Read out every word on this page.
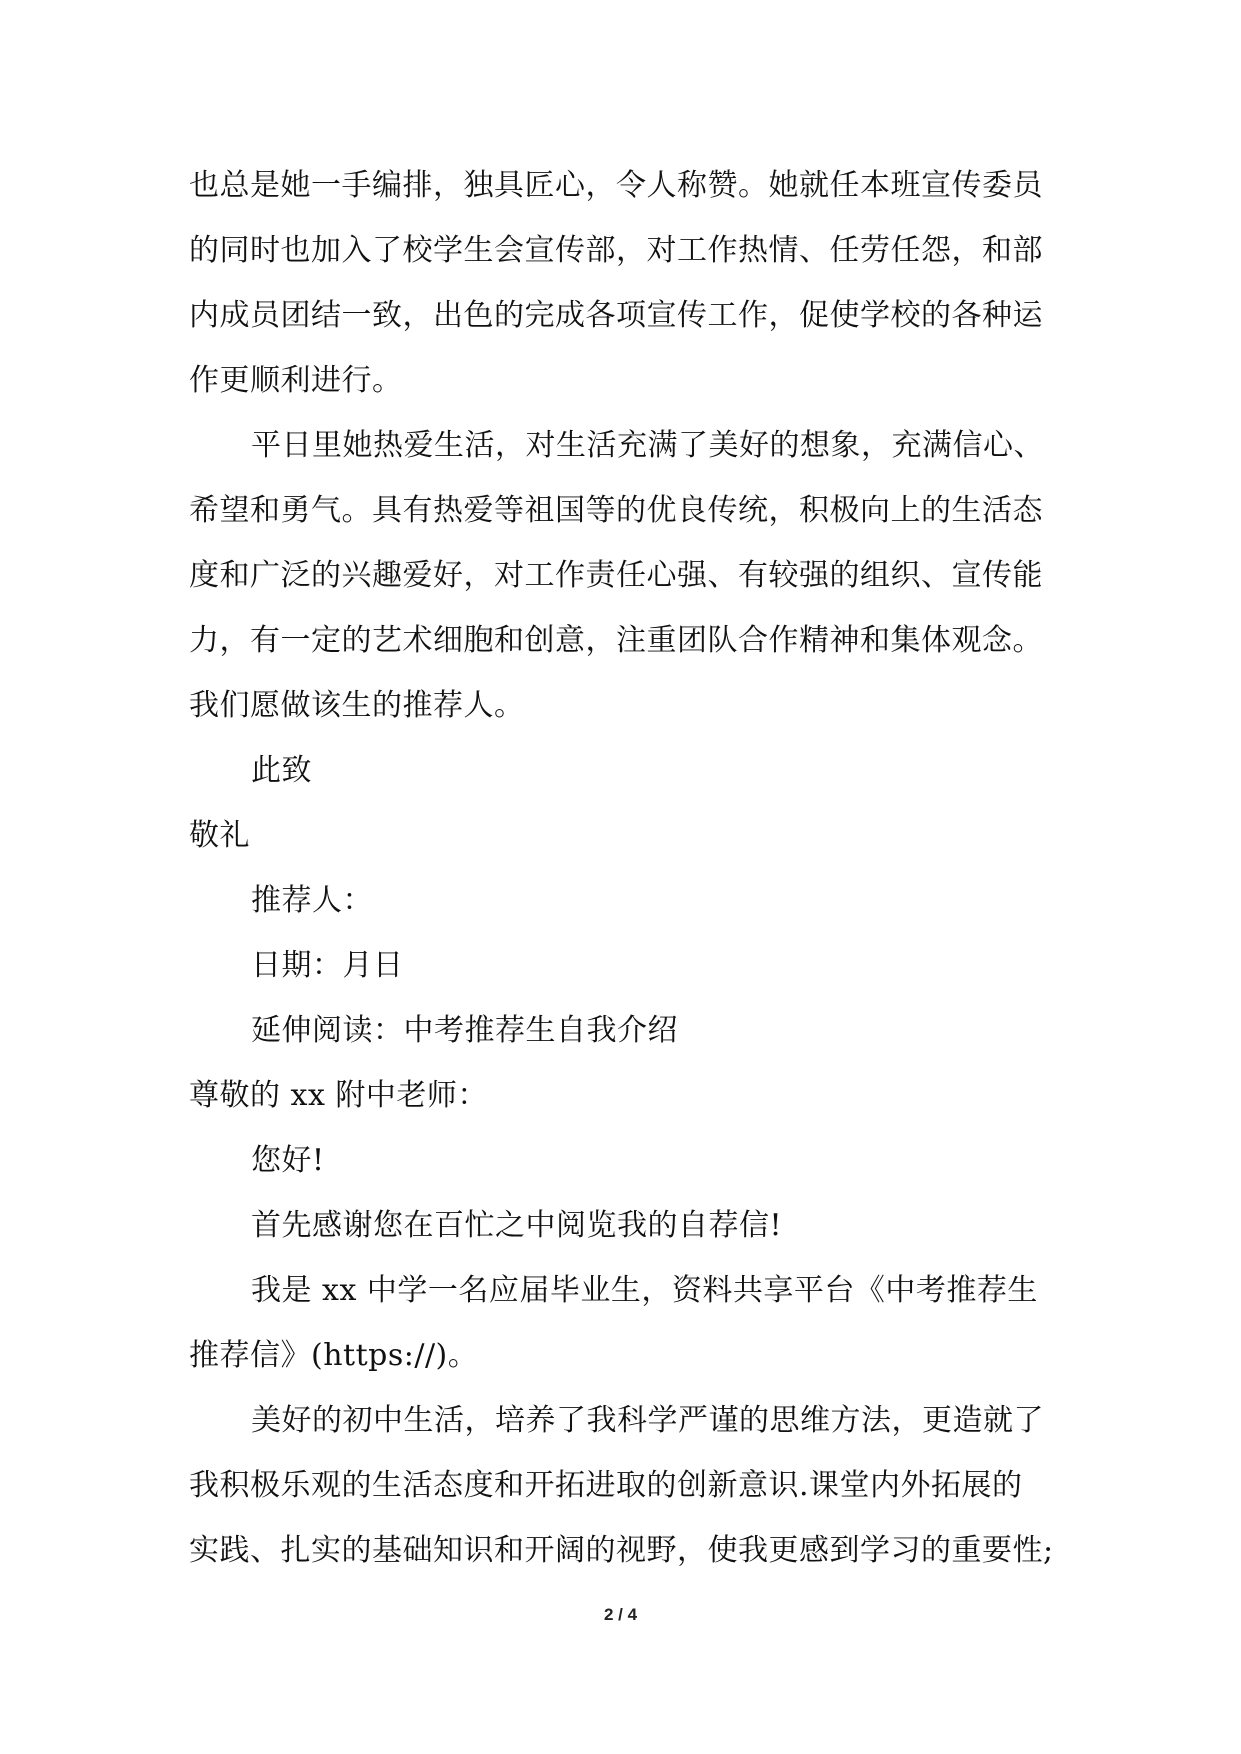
也总是她一手编排，独具匠心，令人称赞。她就任本班宣传委员
的同时也加入了校学生会宣传部，对工作热情、任劳任怨，和部
内成员团结一致，出色的完成各项宣传工作，促使学校的各种运
作更顺利进行。
平日里她热爱生活，对生活充满了美好的想象，充满信心、
希望和勇气。具有热爱等祖国等的优良传统，积极向上的生活态
度和广泛的兴趣爱好，对工作责任心强、有较强的组织、宣传能
力，有一定的艺术细胞和创意，注重团队合作精神和集体观念。
我们愿做该生的推荐人。
此致
敬礼
推荐人：
日期：月日
延伸阅读：中考推荐生自我介绍
尊敬的 xx 附中老师：
您好!
首先感谢您在百忙之中阅览我的自荐信!
我是 xx 中学一名应届毕业生，资料共享平台《中考推荐生
推荐信》(https://)。
美好的初中生活，培养了我科学严谨的思维方法，更造就了
我积极乐观的生活态度和开拓进取的创新意识.课堂内外拓展的
实践、扎实的基础知识和开阔的视野，使我更感到学习的重要性;
2 / 4
